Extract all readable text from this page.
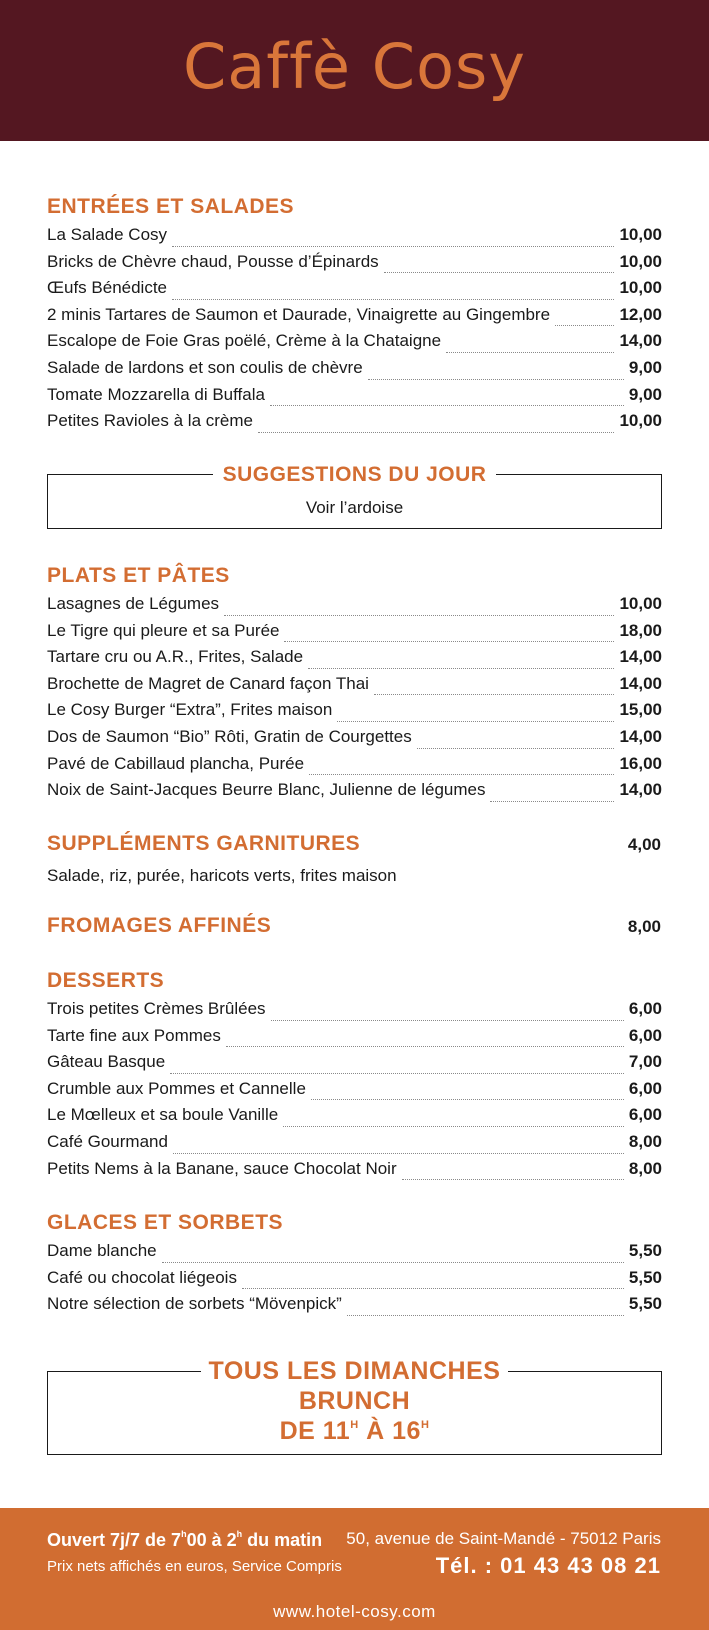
Caffè Cosy
ENTRÉES ET SALADES
La Salade Cosy	10,00
Bricks de Chèvre chaud, Pousse d’Épinards	10,00
Œufs Bénédicte	10,00
2 minis Tartares de Saumon et Daurade, Vinaigrette au Gingembre	12,00
Escalope de Foie Gras poëlé, Crème à la Chataigne	14,00
Salade de lardons et son coulis de chèvre	9,00
Tomate Mozzarella di Buffala	9,00
Petites Ravioles à la crème	10,00
SUGGESTIONS DU JOUR
Voir l’ardoise
PLATS ET PÂTES
Lasagnes de Légumes	10,00
Le Tigre qui pleure et sa Purée	18,00
Tartare cru ou A.R., Frites, Salade	14,00
Brochette de Magret de Canard façon Thai	14,00
Le Cosy Burger “Extra”, Frites maison	15,00
Dos de Saumon “Bio” Rôti, Gratin de Courgettes	14,00
Pavé de Cabillaud plancha, Purée	16,00
Noix de Saint-Jacques Beurre Blanc, Julienne de légumes	14,00
SUPPLÉMENTS GARNITURES	4,00
Salade, riz, purée, haricots verts, frites maison
FROMAGES AFFINÉS	8,00
DESSERTS
Trois petites Crèmes Brûlées	6,00
Tarte fine aux Pommes	6,00
Gâteau Basque	7,00
Crumble aux Pommes et Cannelle	6,00
Le Mœlleux et sa boule Vanille	6,00
Café Gourmand	8,00
Petits Nems à la Banane, sauce Chocolat Noir	8,00
GLACES ET SORBETS
Dame blanche	5,50
Café ou chocolat liégeois	5,50
Notre sélection de sorbets “Mövenpick”	5,50
TOUS LES DIMANCHES
BRUNCH
DE $11^H$ À $16^H$
Ouvert 7j/7 de 7$^h$00 à 2$^h$ du matin
Prix nets affichés en euros, Service Compris
50, avenue de Saint-Mandé - 75012 Paris
Tél. : 01 43 43 08 21
www.hotel-cosy.com
